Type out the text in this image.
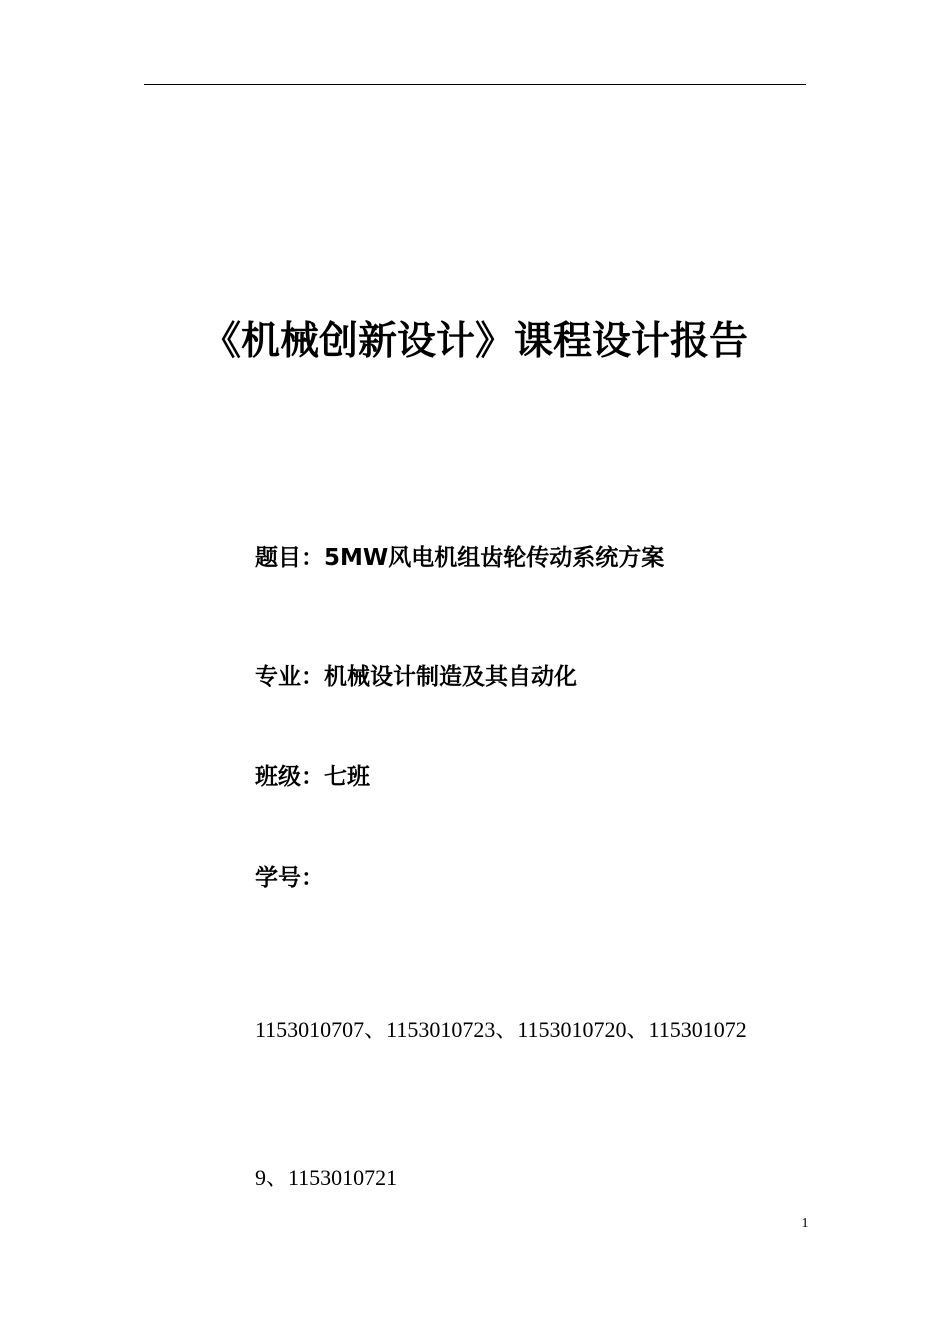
《机械创新设计》课程设计报告
题目：5MW风电机组齿轮传动系统方案
专业：机械设计制造及其自动化
班级：七班
学号：
1153010707、1153010723、1153010720、115301072
9、1153010721
1
